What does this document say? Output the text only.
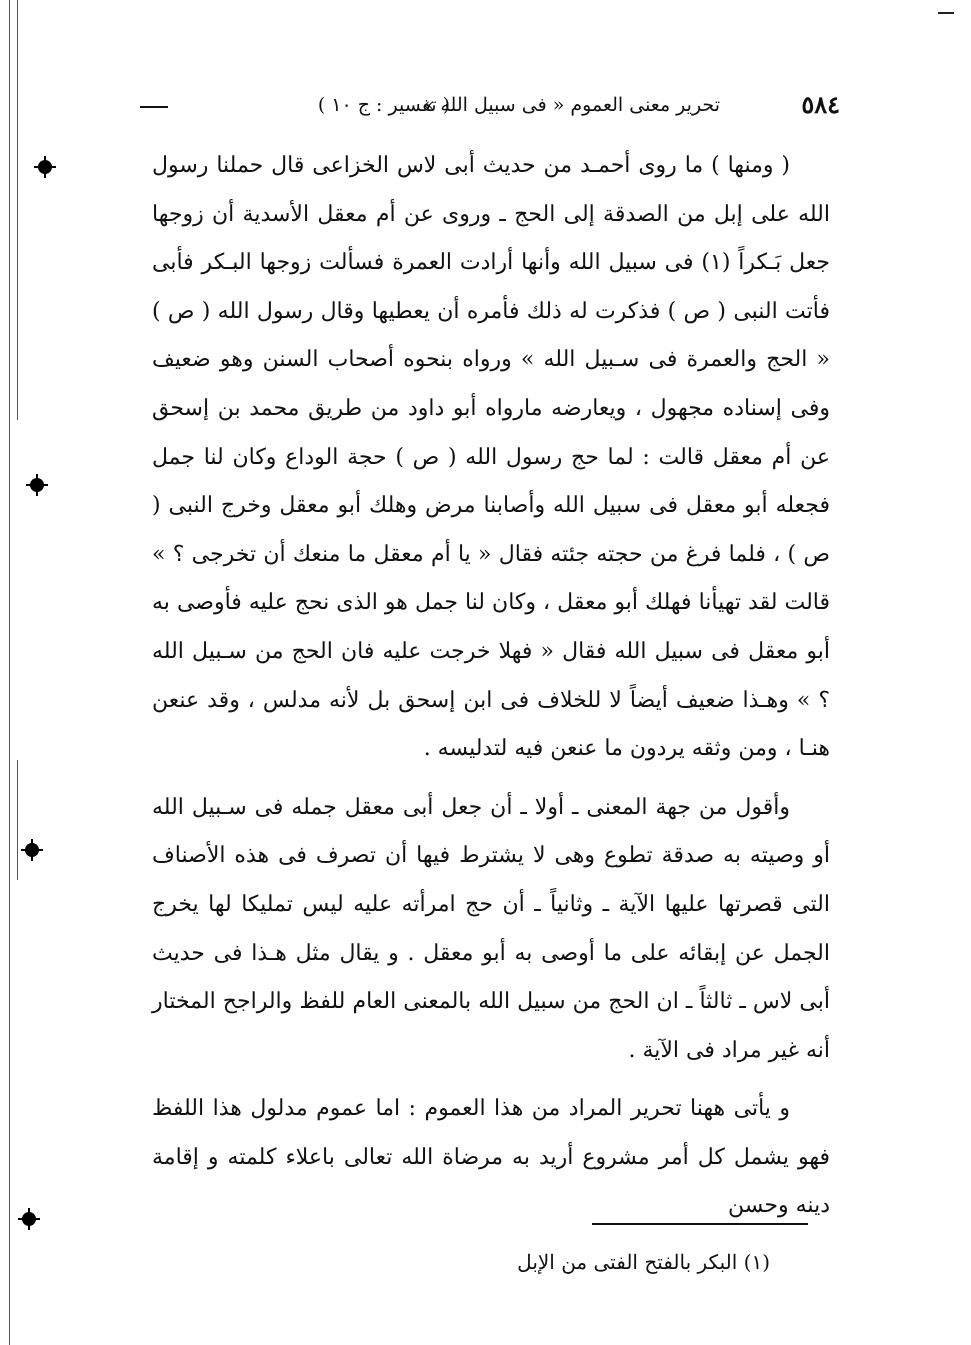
٥٨٤
تحرير معنى العموم « فى سبيل الله »
( تفسير : ج ١٠ )

( ومنها ) ما روى أحمـد من حديث أبى لاس الخزاعى قال حملنا رسول الله على إبل من الصدقة إلى الحج ـ وروى عن أم معقل الأسدية أن زوجها جعل بَـكراً (١) فى سبيل الله وأنها أرادت العمرة فسألت زوجها البـكر فأبى فأتت النبى ( ص ) فذكرت له ذلك فأمره أن يعطيها وقال رسول الله ( ص ) « الحج والعمرة فى سـبيل الله » ورواه بنحوه أصحاب السنن وهو ضعيف وفى إسناده مجهول ، ويعارضه مارواه أبو داود من طريق محمد بن إسحق عن أم معقل قالت : لما حج رسول الله ( ص ) حجة الوداع وكان لنا جمل فجعله أبو معقل فى سبيل الله وأصابنا مرض وهلك أبو معقل وخرج النبى ( ص ) ، فلما فرغ من حجته جئته فقال « يا أم معقل ما منعك أن تخرجى ؟ » قالت لقد تهيأنا فهلك أبو معقل ، وكان لنا جمل هو الذى نحج عليه فأوصى به أبو معقل فى سبيل الله فقال « فهلا خرجت عليه فان الحج من سـبيل الله ؟ » وهـذا ضعيف أيضاً لا للخلاف فى ابن إسحق بل لأنه مدلس ، وقد عنعن هنـا ، ومن وثقه يردون ما عنعن فيه لتدليسه .

وأقول من جهة المعنى ـ أولا ـ أن جعل أبى معقل جمله فى سـبيل الله أو وصيته به صدقة تطوع وهى لا يشترط فيها أن تصرف فى هذه الأصناف التى قصرتها عليها الآية ـ وثانياً ـ أن حج امرأته عليه ليس تمليكا لها يخرج الجمل عن إبقائه على ما أوصى به أبو معقل . و يقال مثل هـذا فى حديث أبى لاس ـ ثالثاً ـ ان الحج من سبيل الله بالمعنى العام للفظ والراجح المختار أنه غير مراد فى الآية .

و يأتى ههنا تحرير المراد من هذا العموم : اما عموم مدلول هذا اللفظ فهو يشمل كل أمر مشروع أريد به مرضاة الله تعالى باعلاء كلمته و إقامة دينه وحسن

(١) البكر بالفتح الفتى من الإبل
